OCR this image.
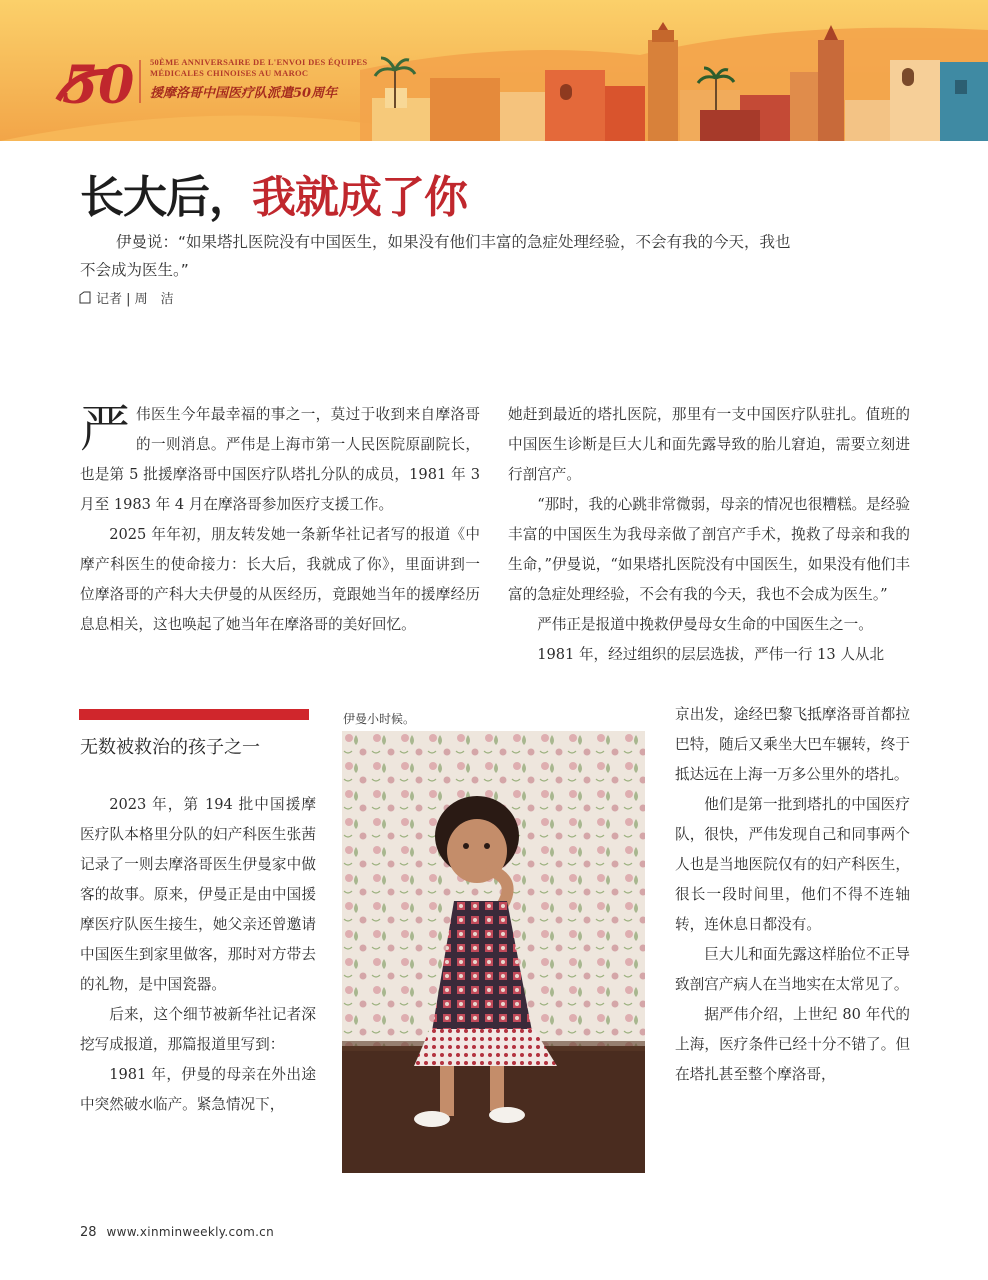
50 50ÈME ANNIVERSAIRE DE L'ENVOI DES ÉQUIPES
MÉDICALES CHINOISES AU MAROC
援摩洛哥中国医疗队派遣50周年
长大后，我就成了你
伊曼说：“如果塔扎医院没有中国医生，如果没有他们丰富的急症处理经验，不会有我的今天，我也不会成为医生。”
记者 | 周　洁

严伟医生今年最幸福的事之一，莫过于收到来自摩洛哥的一则消息。严伟是上海市第一人民医院原副院长，也是第 5 批援摩洛哥中国医疗队塔扎分队的成员，1981 年 3 月至 1983 年 4 月在摩洛哥参加医疗支援工作。

2025 年年初，朋友转发她一条新华社记者写的报道《中摩产科医生的使命接力：长大后，我就成了你》，里面讲到一位摩洛哥的产科大夫伊曼的从医经历，竟跟她当年的援摩经历息息相关，这也唤起了她当年在摩洛哥的美好回忆。

她赶到最近的塔扎医院，那里有一支中国医疗队驻扎。值班的中国医生诊断是巨大儿和面先露导致的胎儿窘迫，需要立刻进行剖宫产。

“那时，我的心跳非常微弱，母亲的情况也很糟糕。是经验丰富的中国医生为我母亲做了剖宫产手术，挽救了母亲和我的生命，”伊曼说，“如果塔扎医院没有中国医生，如果没有他们丰富的急症处理经验，不会有我的今天，我也不会成为医生。”

严伟正是报道中挽救伊曼母女生命的中国医生之一。

1981 年，经过组织的层层选拔，严伟一行 13 人从北

无数被救治的孩子之一

2023 年，第 194 批中国援摩医疗队本格里分队的妇产科医生张茜记录了一则去摩洛哥医生伊曼家中做客的故事。原来，伊曼正是由中国援摩医疗队医生接生，她父亲还曾邀请中国医生到家里做客，那时对方带去的礼物，是中国瓷器。

后来，这个细节被新华社记者深挖写成报道，那篇报道里写到：

1981 年，伊曼的母亲在外出途中突然破水临产。紧急情况下，

伊曼小时候。	京出发，途经巴黎飞抵摩洛哥首都拉巴特，随后又乘坐大巴车辗转，终于抵达远在上海一万多公里外的塔扎。

他们是第一批到塔扎的中国医疗队，很快，严伟发现自己和同事两个人也是当地医院仅有的妇产科医生，很长一段时间里，他们不得不连轴转，连休息日都没有。

巨大儿和面先露这样胎位不正导致剖宫产病人在当地实在太常见了。

据严伟介绍，上世纪 80 年代的上海，医疗条件已经十分不错了。但在塔扎甚至整个摩洛哥，

28 www.xinminweekly.com.cn
